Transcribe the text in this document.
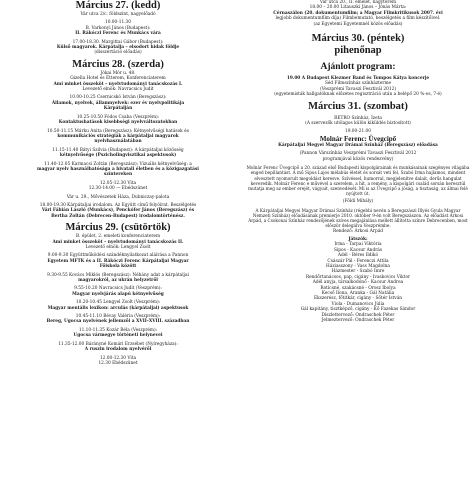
Március 27. (kedd)

Vár utca 2/c. földszint, nagyelőadó

10.00-11.30

B. Varkonyi János (Budapest):

II. Rákóczi Ferenc és Munkács vára

17.00-18.30. Margittai Gábor (Budapest):

Külső magyarok. Kárpátalja – elsodort hidak földje

(disszertáció előadás)

Március 28. (szerda)

Jókai Mór u. 48.

Gizella Hotel és Étterem, Konferenciaterem

Ami minket összeköt – nyelvtudományi tanácskozás I.

Levezető elnök: Navracsics Judit

10.00-10.25 Csernicskó István (Beregszász):

Államok, nyelvek, államnyelvek: ezer év nyelvpolitikája

Kárpátalján

10.25-10.50 Fódos Csaba (Veszprém):

Kontaktushatások kisebbségi nyelvváltozatokban

10.50-11.15 Márku Anita (Beregszász): Kétnyelvűségi hatások és

kommunikációs stratégiák a kárpátaljai magyarok

nyelvhasználatában

11.15-11.40 Bátyi Szilvia (Budapest): A kárpátaljai közösség

kétnyelvűsége (Pszicholingvisztikai aspektusok)

11.40-12.05 Karmacsi Zoltán (Beregszász): Vizuális kétnyelvűség: a

magyar nyelv használhatósága a hivatali életben és a közigazgatási

színtereken

12.05-12.30 Vita

12.30-14.00 — Ebédszünet

Vár u. 29., Mővészetek Háza, Dubniczay-palota

18.00-19.30 Kárpátaljai irodalom. Az Együtt című folyóirat. Beszélgetés

Vári Fábián László (Munkács), Penckófer János (Beregszász) és

Bertha Zoltán (Debrecen-Budapest) irodalomtörténész.

Március 29. (csütörtök)

B. épület, 2. emeleti konferenciaterem

Ami minket összeköt – nyelvtudományi tanácskozás II.

Levezető elnök: Lengyel Zsolt

9.00-9.30 Együttműködési szándéknyilatkozat aláírása a Pannon

Egyetem MFTK és a II. Rákóczi Ferenc Kárpátaljai Magyar

Főiskola között

9.30-9.55 Kovács Miklós (Beregszász): Néhány adat a kárpátaljai

magyarokról, az ukrán helyzetről

9.55-10.20 Navracsics Judit (Veszprém):

Magyar nyelvjárás alapú kétnyelvűség

10.20-10.45 Lengyel Zsolt (Veszprém):

Magyar mentális lexikon: arculás (kárpátaljai) aspektusok

10.45-11.10 Bévay Valéria (Veszprém):

Bereg, Ugocsa nyelvének jellemzői a XVII–XVIII. században

11.10-11.35 Kozár Béla (Veszprém):

Ugocsa vármegye történeti helynevei

11.35-12.00 Bárányné Komári Erzsébet (Nyíregyháza):

A ruszin irodalom nyelvéről

12.00-12.30 Vita

12.30 Ebédszünet

Vár utca 20., II. emelet, nagyterem

18.00 – 20.00 Litauszki János – Jónás Márta:

Cérnaszálon (20. dokumentumfilm; a Magyar Filmkritikusok 2007. évi

legjobb dokumentumfilm díja) Filmbemutató, beszélgetés a film készítőivel.

(az Egyetemi Egyetemnél közös előadás)

Március 30. (péntek)

pihenőnap

Ajánlott program:

19.00 A Budapest Klezmer Band és Tompos Kátya koncerje

Séd Filmszínház színházterme

(Veszprémi Tavaszi Fesztivál 2012)

(egyetemisták hallgatóknak előzetes regisztráció után a belépő 20 %-os, 7-é)

Március 31. (szombat)

RETRO Színház, Ízeta

(A szervezők utólagos külön kiküldés biztosított)

19.00-21.00

Molnár Ferenc: Üvegcipő

Kárpátaljai Megyei Magyar Drámai Színház (Beregszász) előadása

(Pannon Várszínház Veszprémi Tavaszi Fesztivál 2012

programjával közös rendezvény)

Molnár Ferenc Üvegcipő a 20. század első Budapesti kispolgárainak és munkásainak szegényes világába enged bepillantást. A mű Sipos Lajos mélabús életét és sorsát veti fel, Szabó Irma hajlamos, mindent elvesztett nyomorult megoldást keresve. Szívéssel, humorral, megjelenítve dalait, derűs hangulat keveredik. Molnár Ferenc e művével a szerelem, a hit, a remény, a kispolgári család sorsán keresztül mutatja meg az ember erejét, vágyait, szenvedését. Mi is az Üvegcipő a jóság, a tisztaság, az álmai felé nyújtott út.

(Földi Mihály)

A Kárpátaljai Megyei Magyar Drámai Színház (régebbi nevén a Beregszászi Illyés Gyula Magyar Nemzeti Színház) előadásának premierje 2010. október 9-én volt Beregszászon. Az előadást Árkosi Árpád, a Csokonai Színház rendezőjének szíves megajánlása mellett állította színre Debrecenben, most először delegálva Veszprémbe.

Rendező: Árkosi Árpád

Játszók:

Irma - Tarpai Viktória

Sipos - Kacsur András

Adél - Béres Ildikó

Császár Pál - Ferenczi Attila

Háziasszony - Vass Magdolna

Házmester - Szabó Imre

Rendőrtanácsos, pap, cigány - Ivaskovics Viktor

Adél anyja, társalkodónő - Kacsur Andrea

Rotícsné, szakácsné - Orosz Ibolya

Kecső Ilona, Aranka - Gál Natália

Ékszerész, főtitkár, cigány - Sőtér István

Viola - Dumanovics Júlia

Gál kapitány, tisztképző, cigány - Kő Fazekas Sándor

Díszlettervező: Ondraschek Péter

Jelmeztervező: Ondraschek Péter
